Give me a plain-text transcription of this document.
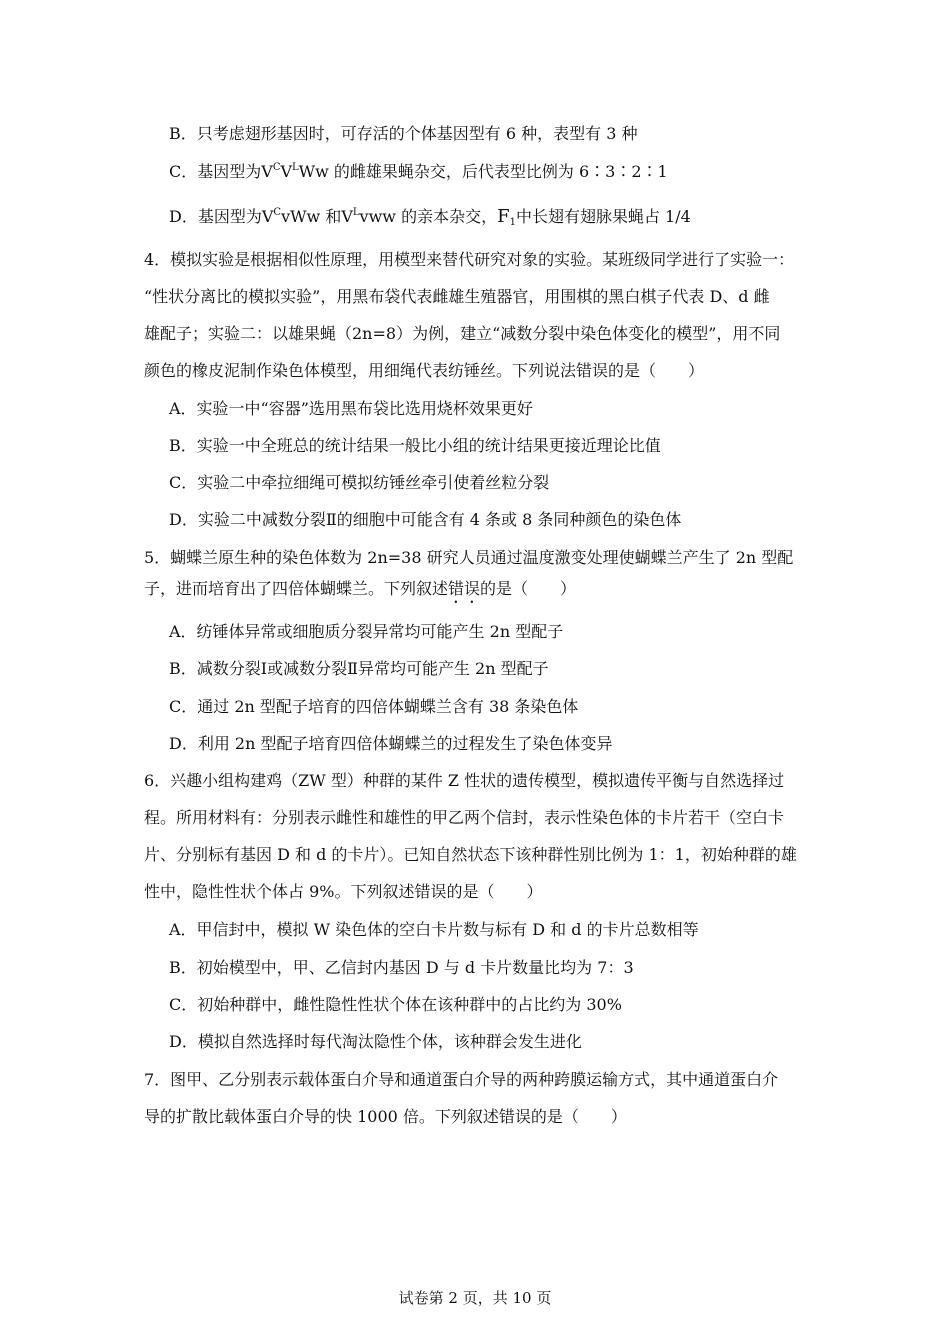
B．只考虑翅形基因时，可存活的个体基因型有 6 种，表型有 3 种
C．基因型为$V^CV^LWw$ 的雌雄果蝇杂交，后代表型比例为 6∶3∶2∶1
D．基因型为$V^CvWw$ 和$V^Lvww$ 的亲本杂交，$F_1$中长翅有翅脉果蝇占 1/4
4．模拟实验是根据相似性原理，用模型来替代研究对象的实验。某班级同学进行了实验一：
“性状分离比的模拟实验”，用黑布袋代表雌雄生殖器官，用围棋的黑白棋子代表 D、d 雌
雄配子；实验二：以雄果蝇（2n=8）为例，建立“减数分裂中染色体变化的模型”，用不同
颜色的橡皮泥制作染色体模型，用细绳代表纺锤丝。下列说法错误的是（　　）
A．实验一中“容器”选用黑布袋比选用烧杯效果更好
B．实验一中全班总的统计结果一般比小组的统计结果更接近理论比值
C．实验二中牵拉细绳可模拟纺锤丝牵引使着丝粒分裂
D．实验二中减数分裂Ⅱ的细胞中可能含有 4 条或 8 条同种颜色的染色体
5．蝴蝶兰原生种的染色体数为 2n=38 研究人员通过温度激变处理使蝴蝶兰产生了 2n 型配
子，进而培育出了四倍体蝴蝶兰。下列叙述错误的是（　　）
A．纺锤体异常或细胞质分裂异常均可能产生 2n 型配子
B．减数分裂Ⅰ或减数分裂Ⅱ异常均可能产生 2n 型配子
C．通过 2n 型配子培育的四倍体蝴蝶兰含有 38 条染色体
D．利用 2n 型配子培育四倍体蝴蝶兰的过程发生了染色体变异
6．兴趣小组构建鸡（ZW 型）种群的某件 Z 性状的遗传模型，模拟遗传平衡与自然选择过
程。所用材料有：分别表示雌性和雄性的甲乙两个信封，表示性染色体的卡片若干（空白卡
片、分别标有基因 D 和 d 的卡片）。已知自然状态下该种群性别比例为 1：1，初始种群的雄
性中，隐性性状个体占 9%。下列叙述错误的是（　　）
A．甲信封中，模拟 W 染色体的空白卡片数与标有 D 和 d 的卡片总数相等
B．初始模型中，甲、乙信封内基因 D 与 d 卡片数量比均为 7：3
C．初始种群中，雌性隐性性状个体在该种群中的占比约为 30%
D．模拟自然选择时每代淘汰隐性个体，该种群会发生进化
7．图甲、乙分别表示载体蛋白介导和通道蛋白介导的两种跨膜运输方式，其中通道蛋白介
导的扩散比载体蛋白介导的快 1000 倍。下列叙述错误的是（　　）
试卷第 2 页，共 10 页
